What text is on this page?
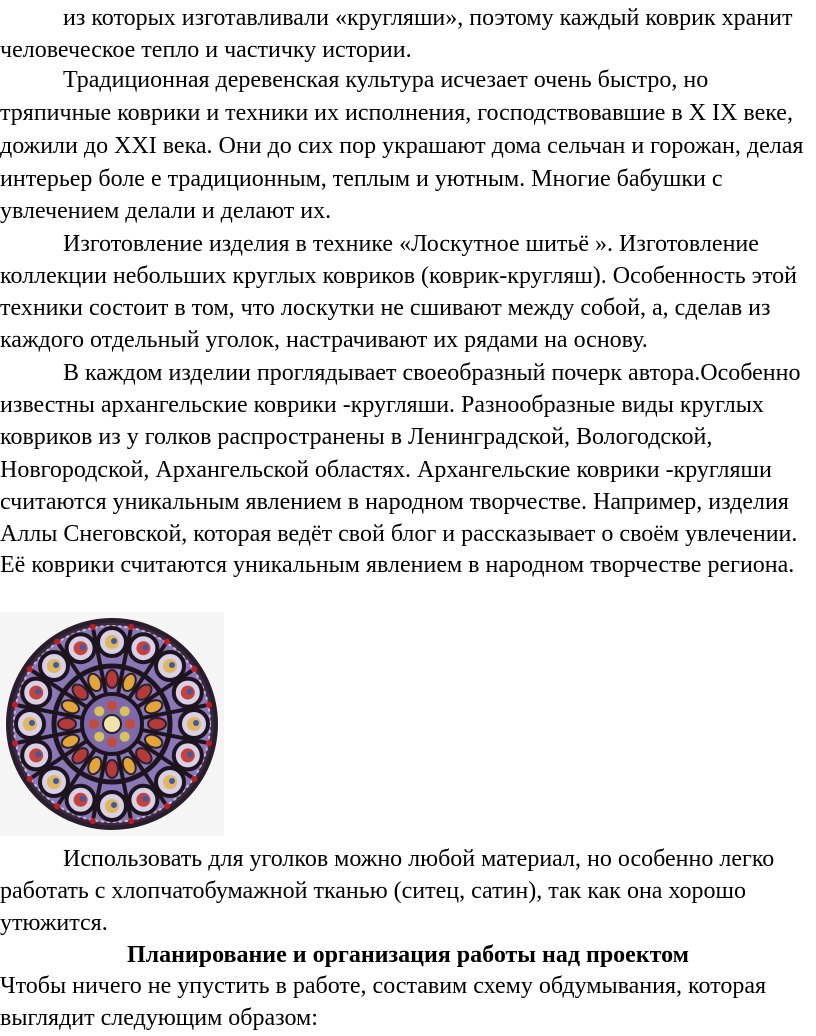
из которых изготавливали «кругляши», поэтому каждый коврик хранит
человеческое тепло и частичку истории.
Традиционная деревенская культура исчезает очень быстро, но
тряпичные коврики и техники их исполнения, господствовавшие в Х IX веке,
дожили до XXI века. Они до сих пор украшают дома сельчан и горожан, делая
интерьер боле е традиционным, теплым и уютным. Многие бабушки с
увлечением делали и делают их.
Изготовление изделия в технике «Лоскутное шитьё ». Изготовление
коллекции небольших круглых ковриков (коврик-кругляш). Особенность этой
техники состоит в том, что лоскутки не сшивают между собой, а, сделав из
каждого отдельный уголок, настрачивают их рядами на основу.
В каждом изделии проглядывает своеобразный почерк автора.Особенно
известны архангельские коврики -кругляши. Разнообразные виды круглых
ковриков из у голков распространены в Ленинградской, Вологодской,
Новгородской, Архангельской областях. Архангельские коврики -кругляши
считаются уникальным явлением в народном творчестве. Например, изделия
Аллы Снеговской, которая ведёт свой блог и рассказывает о своём увлечении.
Её коврики считаются уникальным явлением в народном творчестве региона.
Использовать для уголков можно любой материал, но особенно легко
работать с хлопчатобумажной тканью (ситец, сатин), так как она хорошо
утюжится.
Планирование и организация работы над проектом
Чтобы ничего не упустить в работе, составим схему обдумывания, которая
выглядит следующим образом:
